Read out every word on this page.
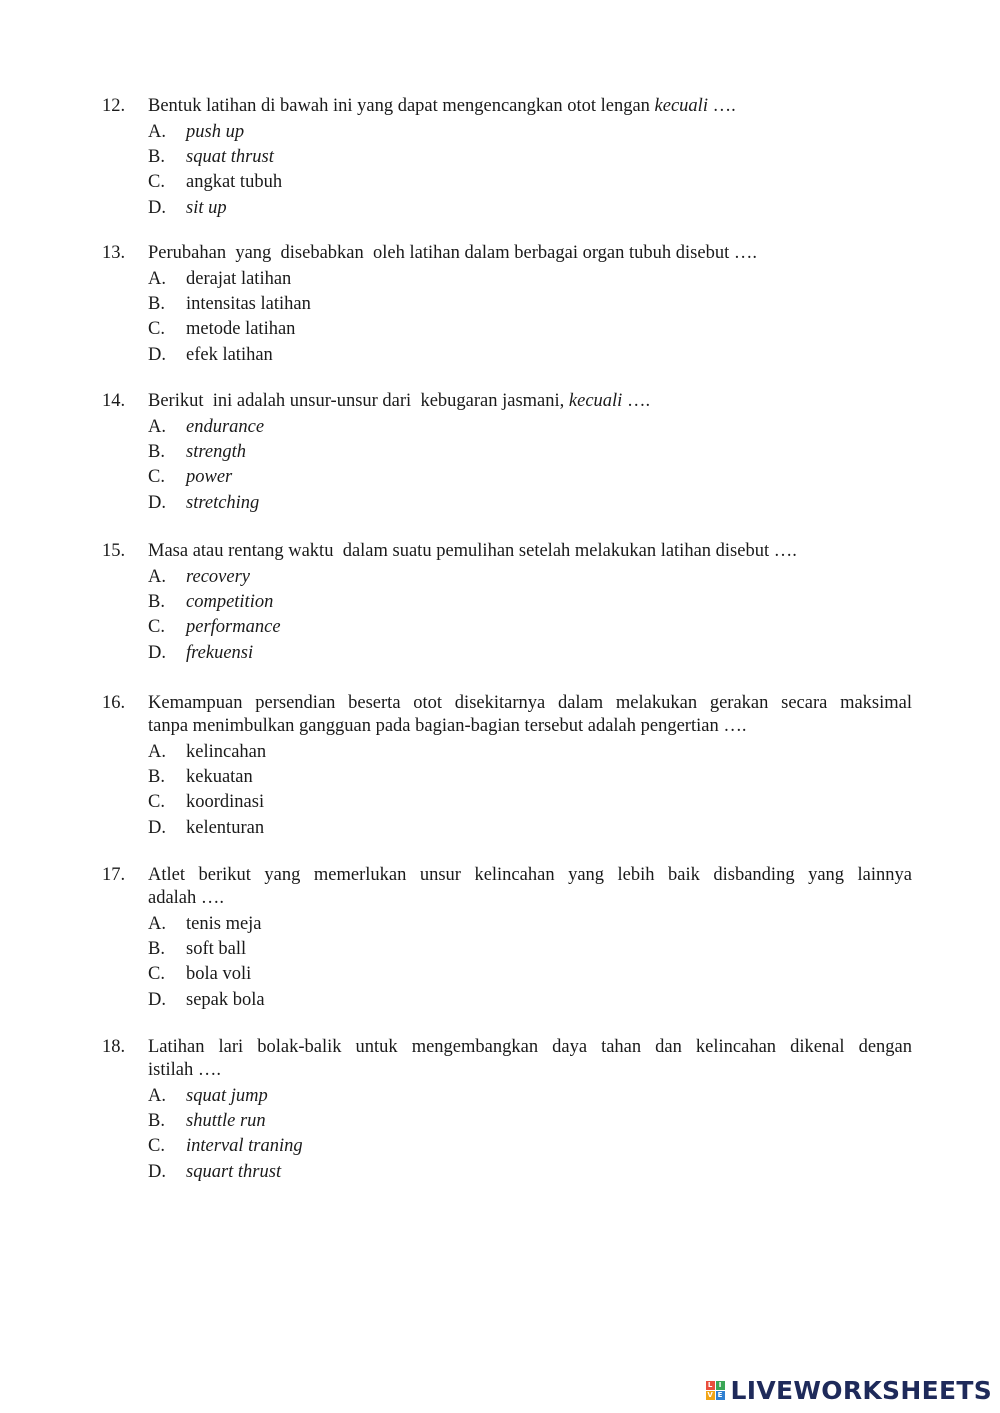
12. Bentuk latihan di bawah ini yang dapat mengencangkan otot lengan kecuali ….
A.	push up
B.	squat thrust
C.	angkat tubuh
D.	sit up
13. Perubahan  yang  disebabkan  oleh latihan dalam berbagai organ tubuh disebut ….
A.	derajat latihan
B.	intensitas latihan
C.	metode latihan
D.	efek latihan
14. Berikut  ini adalah unsur-unsur dari  kebugaran jasmani, kecuali ….
A.	endurance
B.	strength
C.	power
D.	stretching
15. Masa atau rentang waktu  dalam suatu pemulihan setelah melakukan latihan disebut ….
A.	recovery
B.	competition
C.	performance
D.	frekuensi
16. Kemampuan persendian beserta otot disekitarnya dalam melakukan gerakan secara maksimal
tanpa menimbulkan gangguan pada bagian-bagian tersebut adalah pengertian ….
A.	kelincahan
B.	kekuatan
C.	koordinasi
D.	kelenturan
17. Atlet berikut yang memerlukan unsur kelincahan yang lebih baik disbanding yang lainnya
adalah ….
A.	tenis meja
B.	soft ball
C.	bola voli
D.	sepak bola
18. Latihan lari bolak-balik untuk mengembangkan daya tahan dan kelincahan dikenal dengan
istilah ….
A.	squat jump
B.	shuttle run
C.	interval traning
D.	squart thrust
L I
V E LIVEWORKSHEETS
